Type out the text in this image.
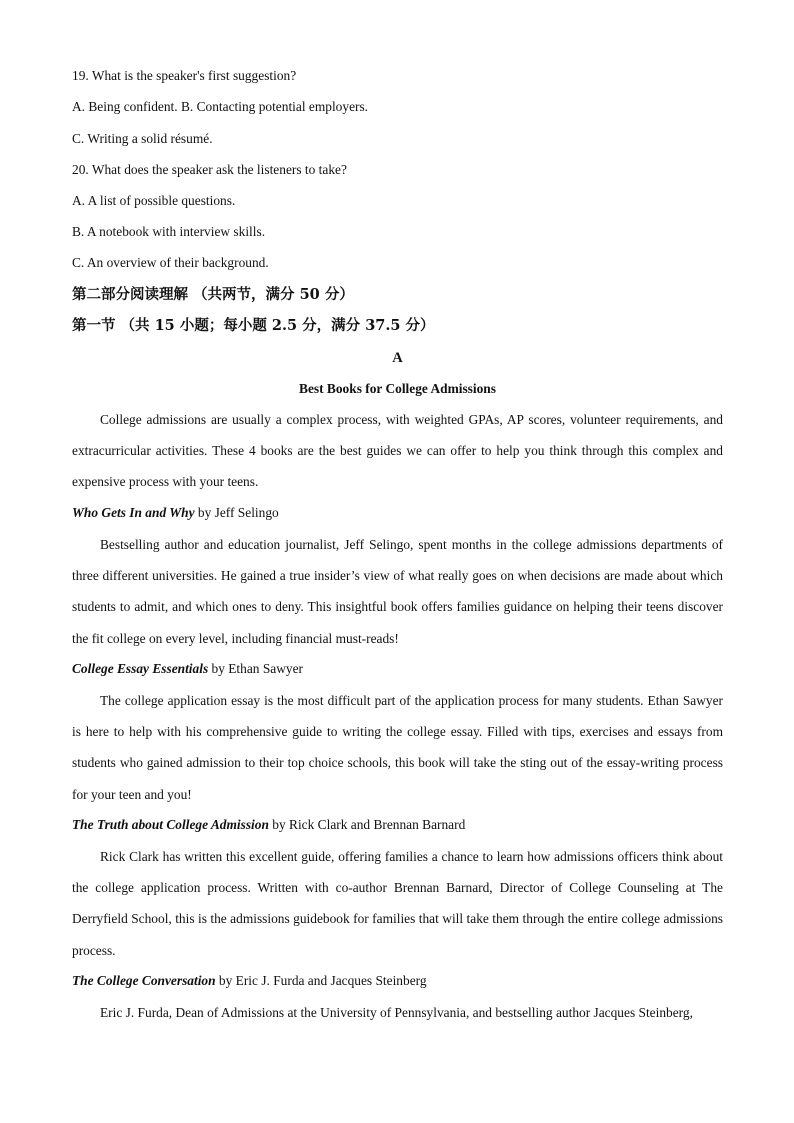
19. What is the speaker's first suggestion?
A. Being confident. B. Contacting potential employers.
C. Writing a solid résumé.
20. What does the speaker ask the listeners to take?
A. A list of possible questions.
B. A notebook with interview skills.
C. An overview of their background.
第二部分阅读理解 （共两节，满分 50 分）
第一节 （共 15 小题；每小题 2.5 分，满分 37.5 分）
A
Best Books for College Admissions

College admissions are usually a complex process, with weighted GPAs, AP scores, volunteer requirements, and extracurricular activities. These 4 books are the best guides we can offer to help you think through this complex and expensive process with your teens.

Who Gets In and Why by Jeff Selingo

Bestselling author and education journalist, Jeff Selingo, spent months in the college admissions departments of three different universities. He gained a true insider’s view of what really goes on when decisions are made about which students to admit, and which ones to deny. This insightful book offers families guidance on helping their teens discover the fit college on every level, including financial must-reads!

College Essay Essentials by Ethan Sawyer

The college application essay is the most difficult part of the application process for many students. Ethan Sawyer is here to help with his comprehensive guide to writing the college essay. Filled with tips, exercises and essays from students who gained admission to their top choice schools, this book will take the sting out of the essay-writing process for your teen and you!

The Truth about College Admission by Rick Clark and Brennan Barnard

Rick Clark has written this excellent guide, offering families a chance to learn how admissions officers think about the college application process. Written with co-author Brennan Barnard, Director of College Counseling at The Derryfield School, this is the admissions guidebook for families that will take them through the entire college admissions process.

The College Conversation by Eric J. Furda and Jacques Steinberg

Eric J. Furda, Dean of Admissions at the University of Pennsylvania, and bestselling author Jacques Steinberg,
